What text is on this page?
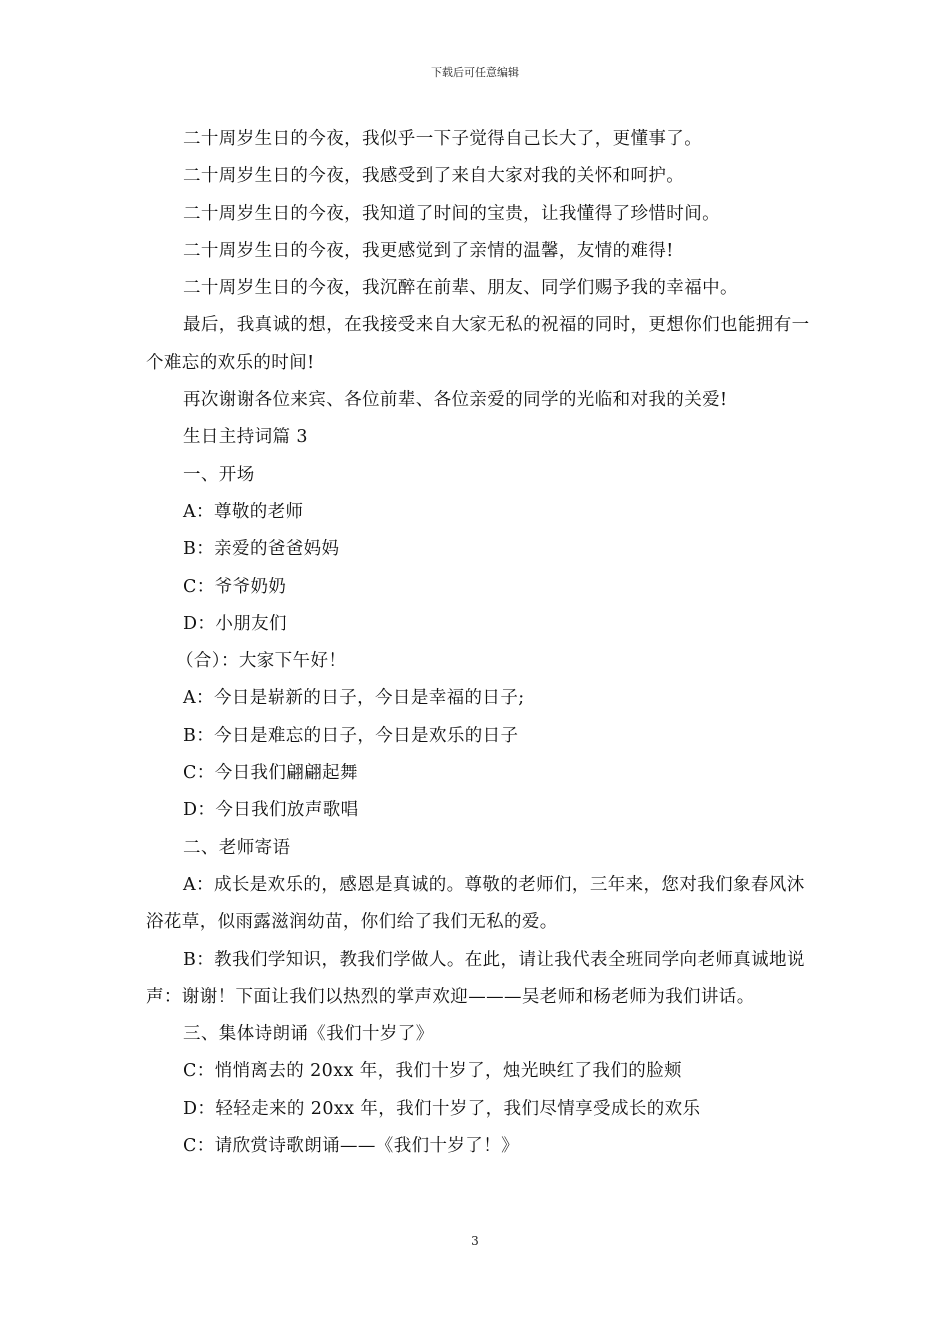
下载后可任意编辑

二十周岁生日的今夜，我似乎一下子觉得自己长大了，更懂事了。

二十周岁生日的今夜，我感受到了来自大家对我的关怀和呵护。

二十周岁生日的今夜，我知道了时间的宝贵，让我懂得了珍惜时间。

二十周岁生日的今夜，我更感觉到了亲情的温馨，友情的难得!

二十周岁生日的今夜，我沉醉在前辈、朋友、同学们赐予我的幸福中。

最后，我真诚的想，在我接受来自大家无私的祝福的同时，更想你们也能拥有一个难忘的欢乐的时间!

再次谢谢各位来宾、各位前辈、各位亲爱的同学的光临和对我的关爱!

生日主持词篇 3

一、开场

A：尊敬的老师

B：亲爱的爸爸妈妈

C：爷爷奶奶

D：小朋友们

（合）：大家下午好！

A：今日是崭新的日子，今日是幸福的日子;

B：今日是难忘的日子，今日是欢乐的日子

C：今日我们翩翩起舞

D：今日我们放声歌唱

二、老师寄语

A：成长是欢乐的，感恩是真诚的。尊敬的老师们，三年来，您对我们象春风沐浴花草，似雨露滋润幼苗，你们给了我们无私的爱。

B：教我们学知识，教我们学做人。在此，请让我代表全班同学向老师真诚地说声：谢谢！下面让我们以热烈的掌声欢迎———吴老师和杨老师为我们讲话。

三、集体诗朗诵《我们十岁了》

C：悄悄离去的 20xx 年，我们十岁了，烛光映红了我们的脸颊

D：轻轻走来的 20xx 年，我们十岁了，我们尽情享受成长的欢乐

C：请欣赏诗歌朗诵——《我们十岁了！》

3
